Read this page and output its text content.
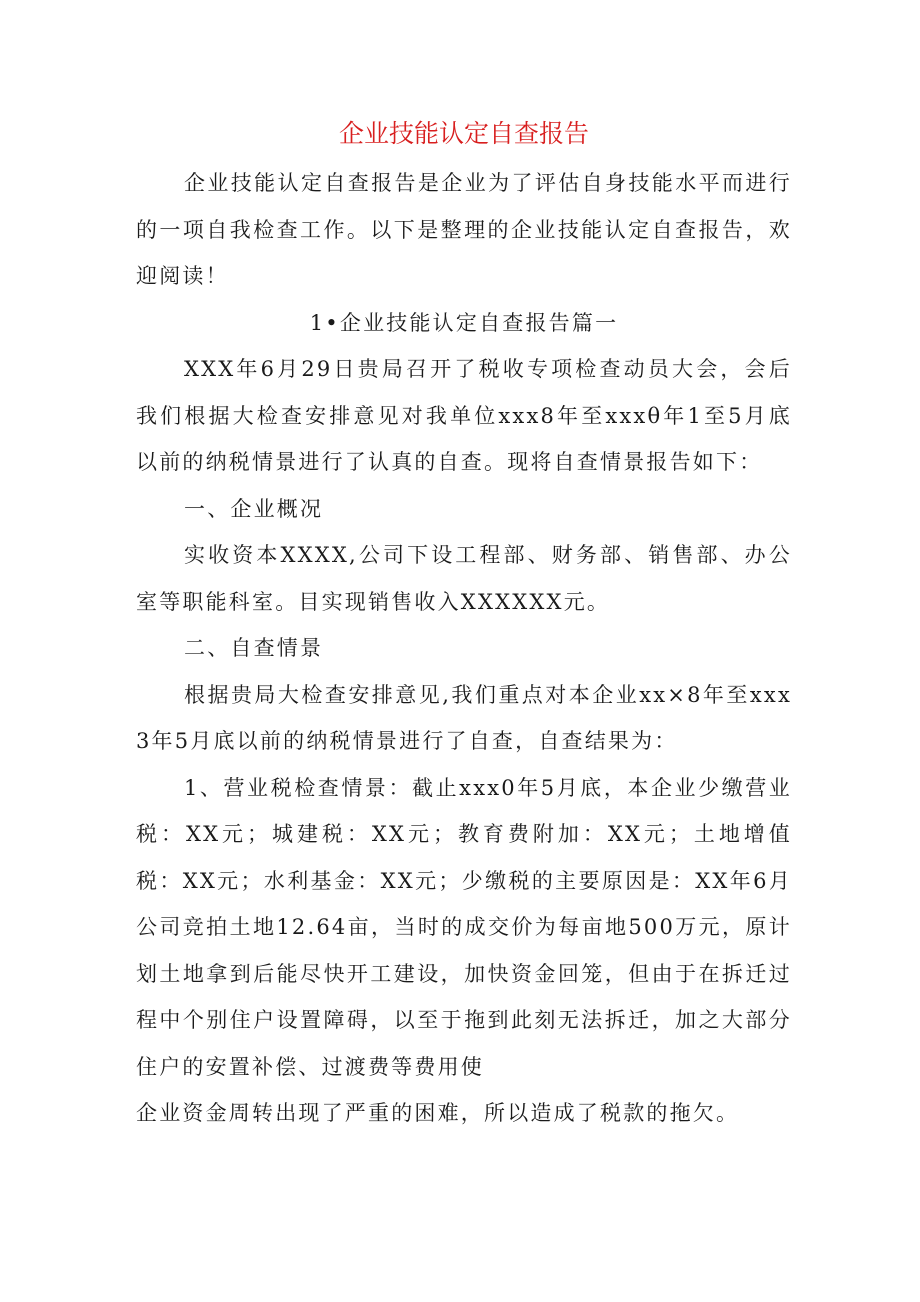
企业技能认定自查报告

企业技能认定自查报告是企业为了评估自身技能水平而进行的一项自我检查工作。以下是整理的企业技能认定自查报告，欢迎阅读！

1•企业技能认定自查报告篇一

XXX年6月29日贵局召开了税收专项检查动员大会，会后我们根据大检查安排意见对我单位xxx8年至xxxθ年1至5月底以前的纳税情景进行了认真的自查。现将自查情景报告如下：

一、企业概况

实收资本XXXX,公司下设工程部、财务部、销售部、办公室等职能科室。目实现销售收入XXXXXX元。

二、自查情景

根据贵局大检查安排意见,我们重点对本企业xx×8年至xxx3年5月底以前的纳税情景进行了自查，自查结果为：

1、营业税检查情景：截止xxx0年5月底，本企业少缴营业税：XX元；城建税：XX元；教育费附加：XX元；土地增值税：XX元；水利基金：XX元；少缴税的主要原因是：XX年6月公司竞拍土地12.64亩，当时的成交价为每亩地500万元，原计划土地拿到后能尽快开工建设，加快资金回笼，但由于在拆迁过程中个别住户设置障碍，以至于拖到此刻无法拆迁，加之大部分住户的安置补偿、过渡费等费用使

企业资金周转出现了严重的困难，所以造成了税款的拖欠。
